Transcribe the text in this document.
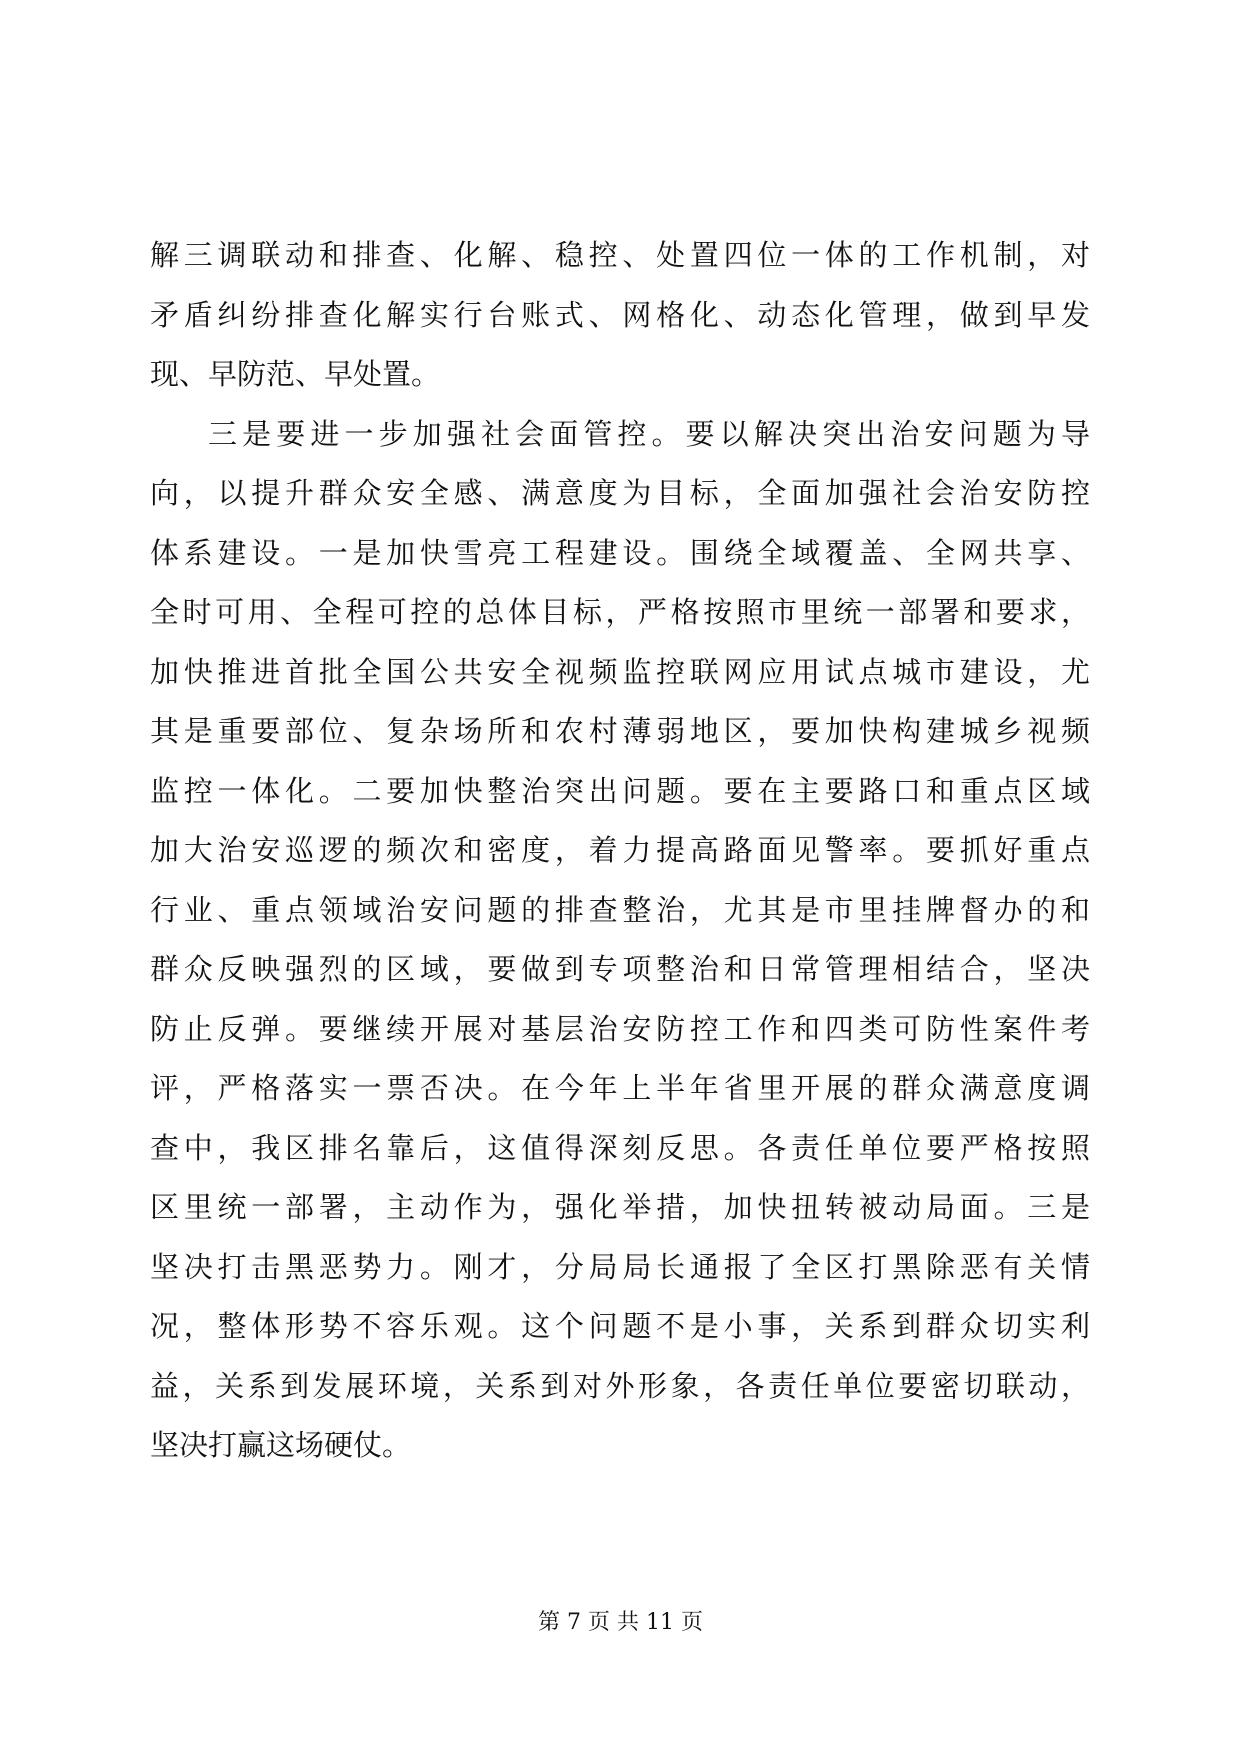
解三调联动和排查、化解、稳控、处置四位一体的工作机制，对
矛盾纠纷排查化解实行台账式、网格化、动态化管理，做到早发
现、早防范、早处置。
三是要进一步加强社会面管控。要以解决突出治安问题为导
向，以提升群众安全感、满意度为目标，全面加强社会治安防控
体系建设。一是加快雪亮工程建设。围绕全域覆盖、全网共享、
全时可用、全程可控的总体目标，严格按照市里统一部署和要求，
加快推进首批全国公共安全视频监控联网应用试点城市建设，尤
其是重要部位、复杂场所和农村薄弱地区，要加快构建城乡视频
监控一体化。二要加快整治突出问题。要在主要路口和重点区域
加大治安巡逻的频次和密度，着力提高路面见警率。要抓好重点
行业、重点领域治安问题的排查整治，尤其是市里挂牌督办的和
群众反映强烈的区域，要做到专项整治和日常管理相结合，坚决
防止反弹。要继续开展对基层治安防控工作和四类可防性案件考
评，严格落实一票否决。在今年上半年省里开展的群众满意度调
查中，我区排名靠后，这值得深刻反思。各责任单位要严格按照
区里统一部署，主动作为，强化举措，加快扭转被动局面。三是
坚决打击黑恶势力。刚才，分局局长通报了全区打黑除恶有关情
况，整体形势不容乐观。这个问题不是小事，关系到群众切实利
益，关系到发展环境，关系到对外形象，各责任单位要密切联动，
坚决打赢这场硬仗。
第 7 页 共 11 页
